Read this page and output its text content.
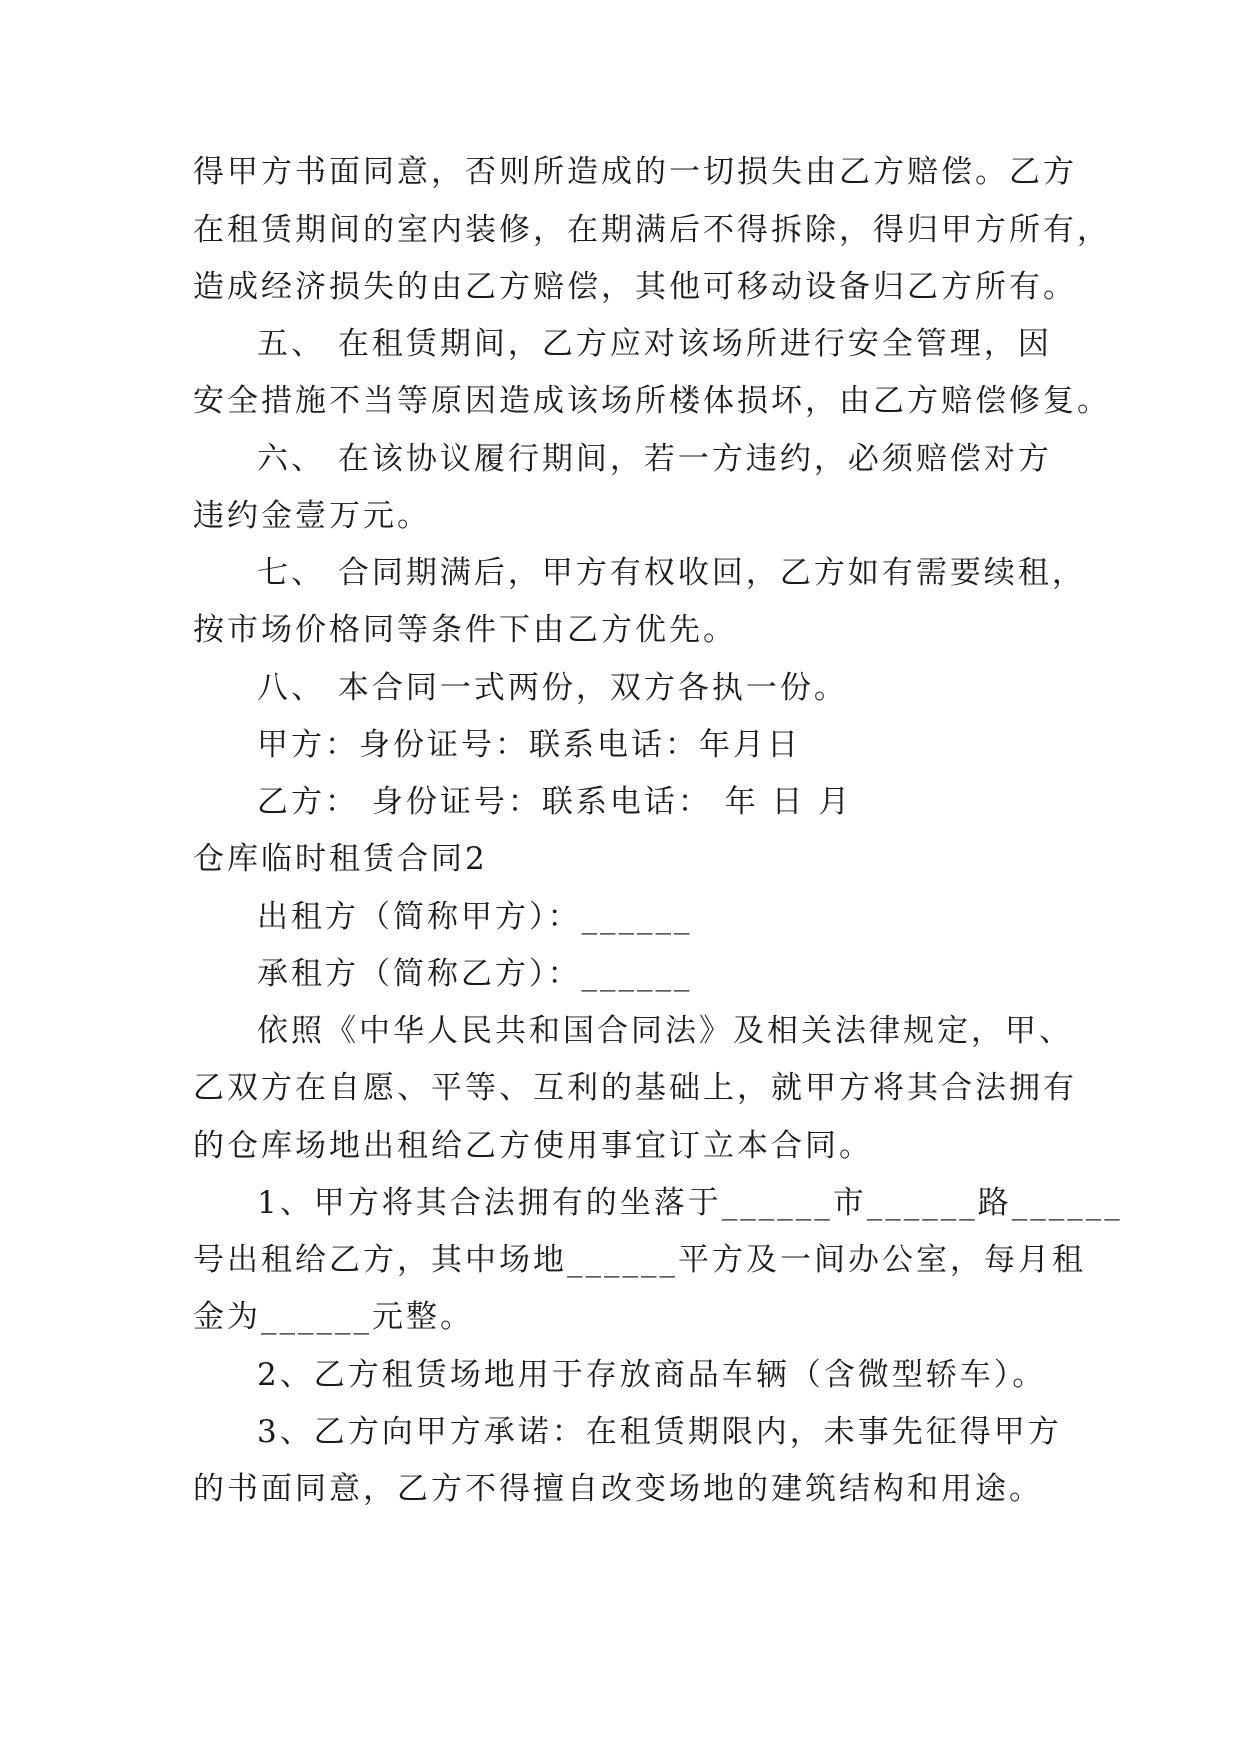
得甲方书面同意，否则所造成的一切损失由乙方赔偿。乙方
在租赁期间的室内装修，在期满后不得拆除，得归甲方所有，
造成经济损失的由乙方赔偿，其他可移动设备归乙方所有。
五、 在租赁期间，乙方应对该场所进行安全管理，因
安全措施不当等原因造成该场所楼体损坏，由乙方赔偿修复。
六、 在该协议履行期间，若一方违约，必须赔偿对方
违约金壹万元。
七、 合同期满后，甲方有权收回，乙方如有需要续租，
按市场价格同等条件下由乙方优先。
八、 本合同一式两份，双方各执一份。
甲方：身份证号：联系电话：年月日
乙方： 身份证号：联系电话： 年 日 月
仓库临时租赁合同2
出租方（简称甲方）：______
承租方（简称乙方）：______
依照《中华人民共和国合同法》及相关法律规定，甲、
乙双方在自愿、平等、互利的基础上，就甲方将其合法拥有
的仓库场地出租给乙方使用事宜订立本合同。
1、甲方将其合法拥有的坐落于______市______路______
号出租给乙方，其中场地______平方及一间办公室，每月租
金为______元整。
2、乙方租赁场地用于存放商品车辆（含微型轿车）。
3、乙方向甲方承诺：在租赁期限内，未事先征得甲方
的书面同意，乙方不得擅自改变场地的建筑结构和用途。
